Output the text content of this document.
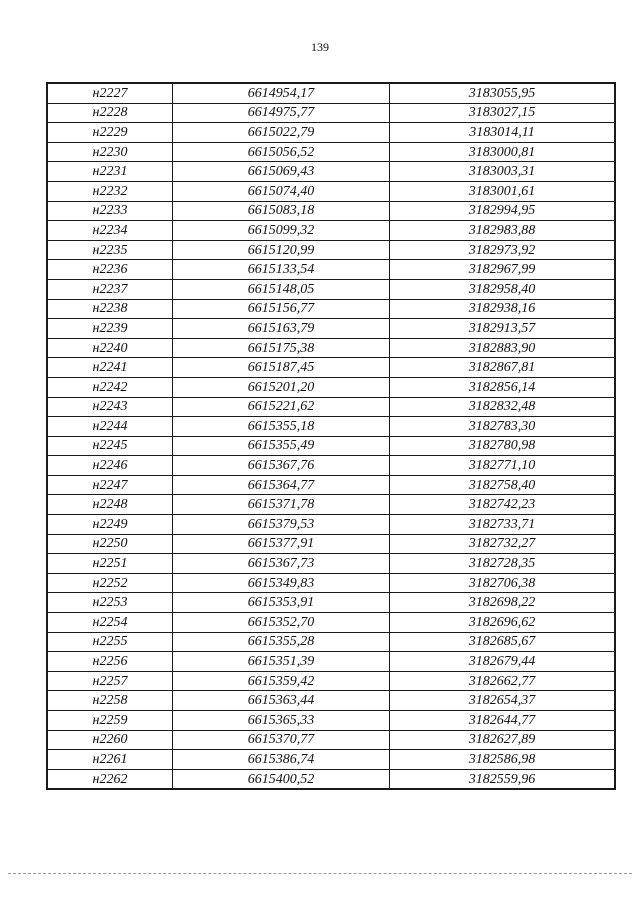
139
н2227	6614954,17	3183055,95
н2228	6614975,77	3183027,15
н2229	6615022,79	3183014,11
н2230	6615056,52	3183000,81
н2231	6615069,43	3183003,31
н2232	6615074,40	3183001,61
н2233	6615083,18	3182994,95
н2234	6615099,32	3182983,88
н2235	6615120,99	3182973,92
н2236	6615133,54	3182967,99
н2237	6615148,05	3182958,40
н2238	6615156,77	3182938,16
н2239	6615163,79	3182913,57
н2240	6615175,38	3182883,90
н2241	6615187,45	3182867,81
н2242	6615201,20	3182856,14
н2243	6615221,62	3182832,48
н2244	6615355,18	3182783,30
н2245	6615355,49	3182780,98
н2246	6615367,76	3182771,10
н2247	6615364,77	3182758,40
н2248	6615371,78	3182742,23
н2249	6615379,53	3182733,71
н2250	6615377,91	3182732,27
н2251	6615367,73	3182728,35
н2252	6615349,83	3182706,38
н2253	6615353,91	3182698,22
н2254	6615352,70	3182696,62
н2255	6615355,28	3182685,67
н2256	6615351,39	3182679,44
н2257	6615359,42	3182662,77
н2258	6615363,44	3182654,37
н2259	6615365,33	3182644,77
н2260	6615370,77	3182627,89
н2261	6615386,74	3182586,98
н2262	6615400,52	3182559,96
